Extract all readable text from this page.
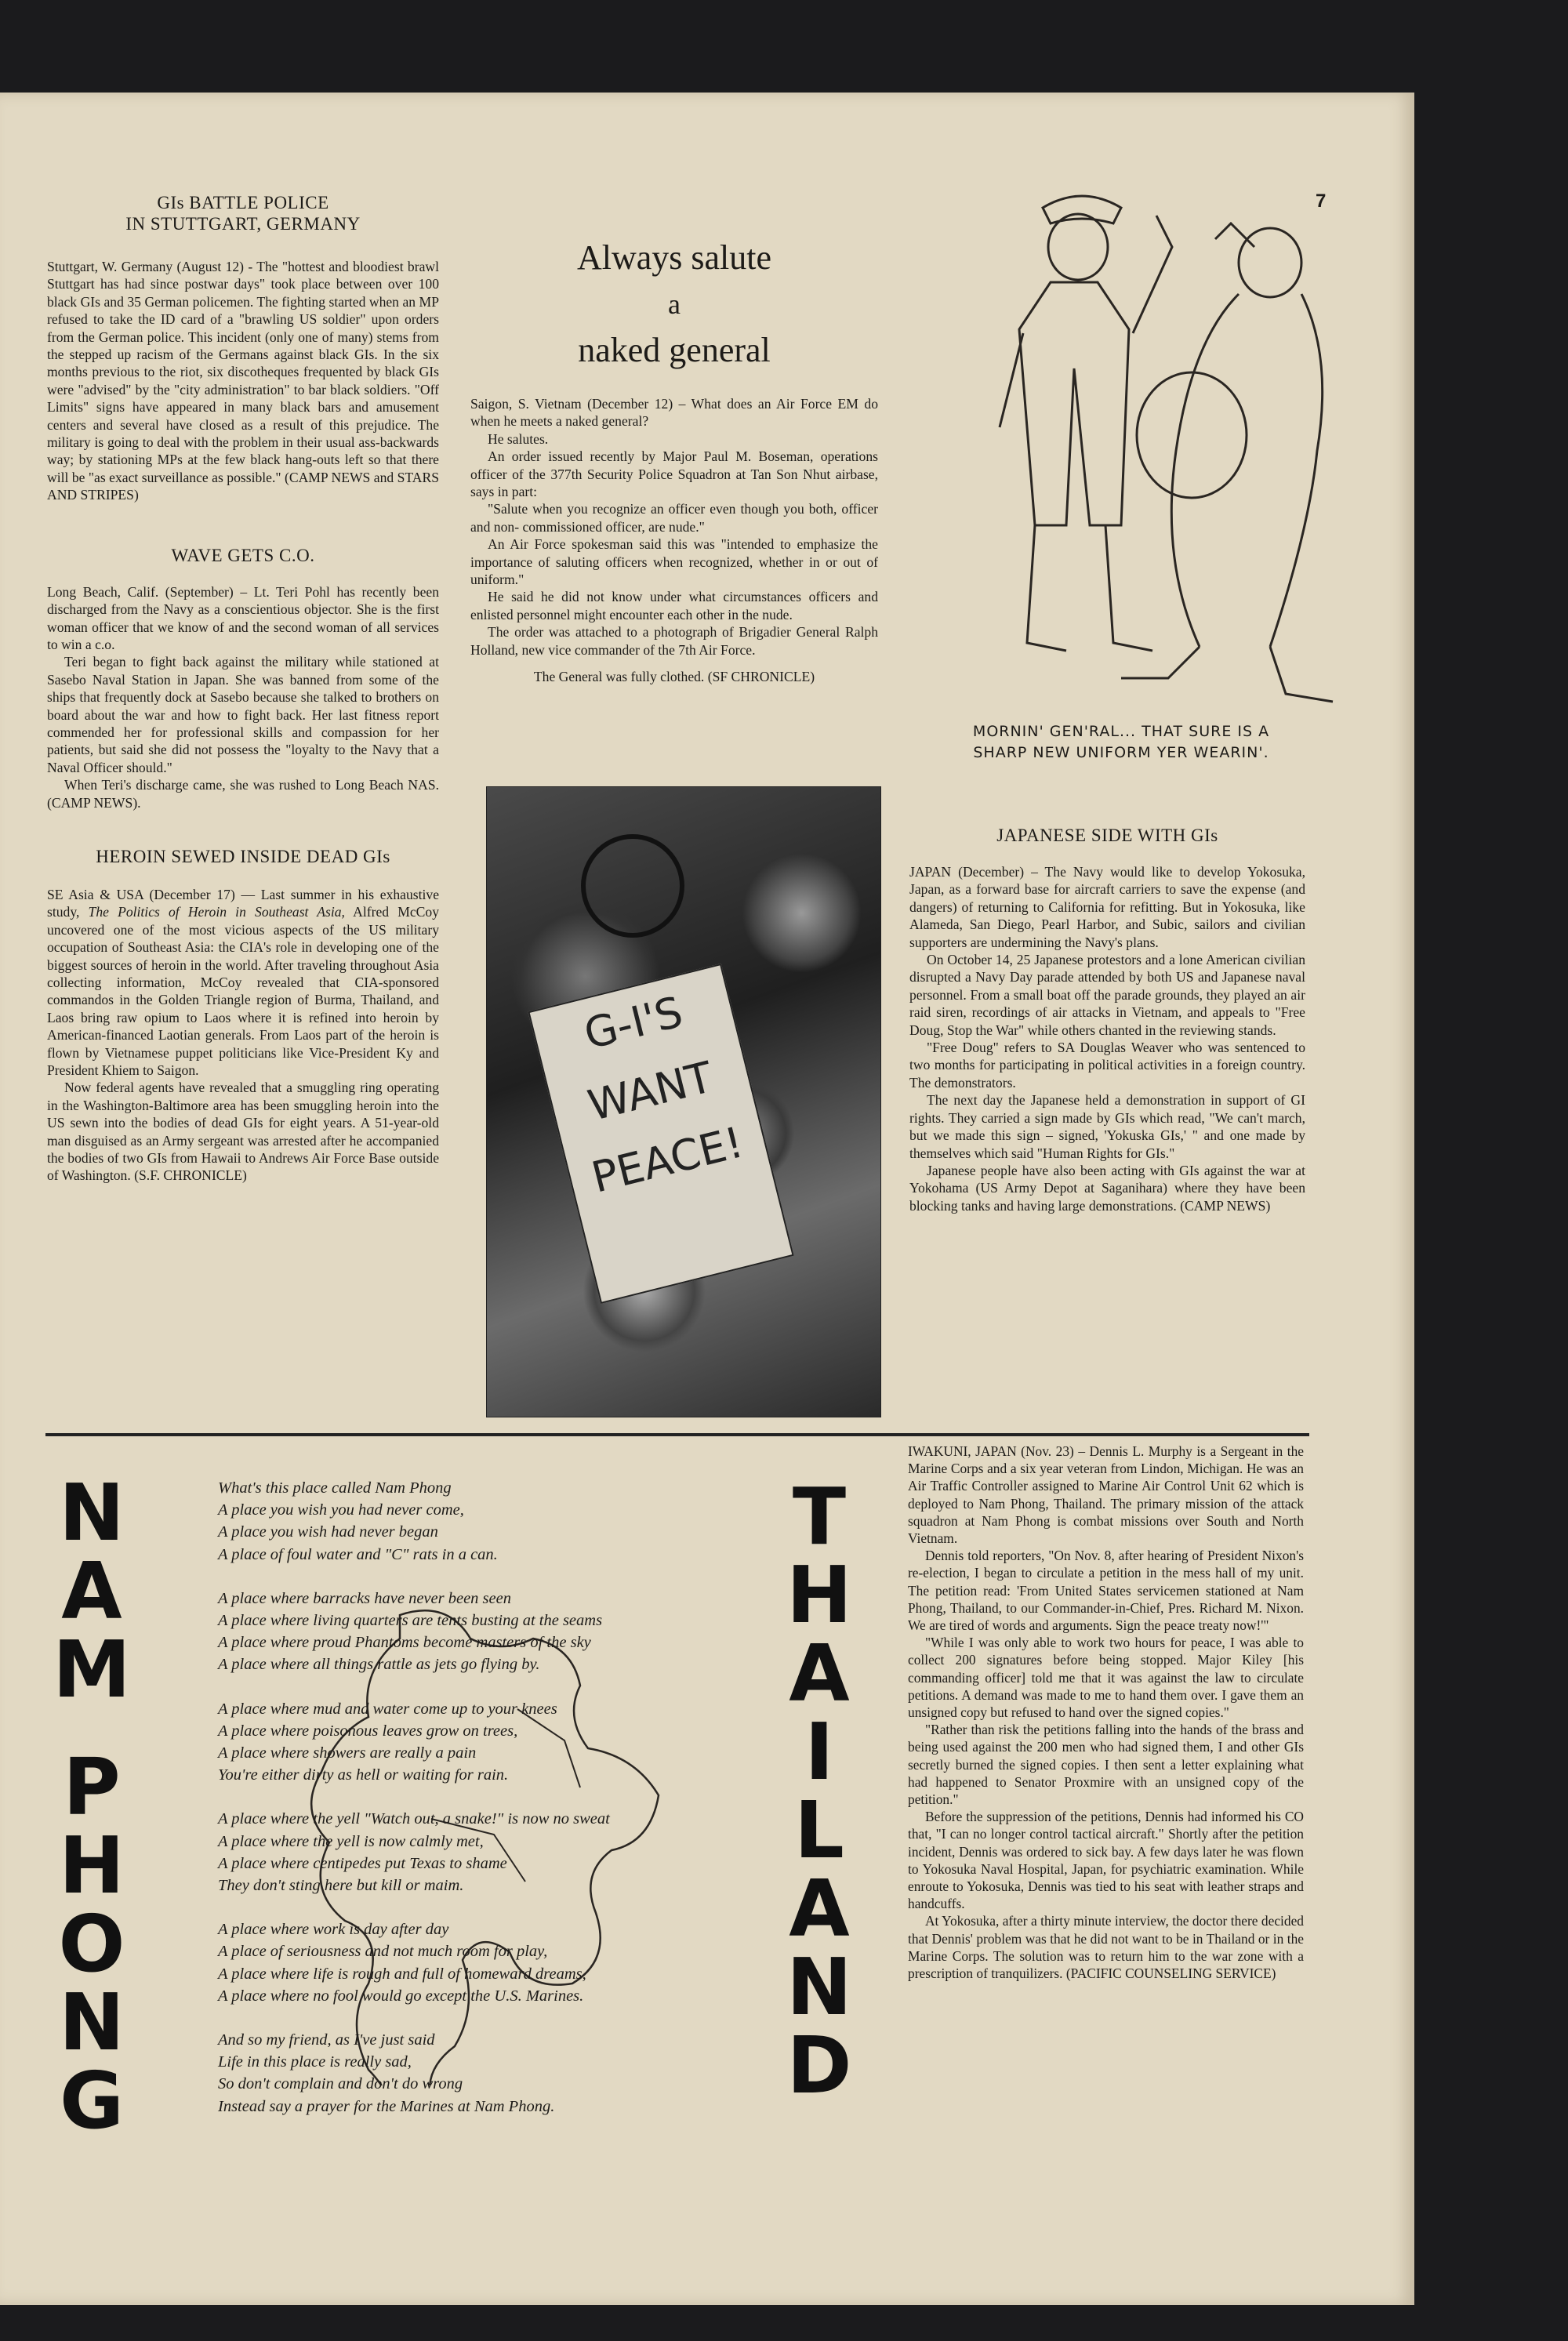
7
GIs BATTLE POLICE
IN STUTTGART, GERMANY

Stuttgart, W. Germany (August 12) - The "hottest and bloodiest brawl Stuttgart has had since postwar days" took place between over 100 black GIs and 35 German policemen. The fighting started when an MP refused to take the ID card of a "brawling US soldier" upon orders from the German police. This incident (only one of many) stems from the stepped up racism of the Germans against black GIs. In the six months previous to the riot, six discotheques frequented by black GIs were "advised" by the "city administration" to bar black soldiers. "Off Limits" signs have appeared in many black bars and amusement centers and several have closed as a result of this prejudice. The military is going to deal with the problem in their usual ass-backwards way; by stationing MPs at the few black hang-outs left so that there will be "as exact surveillance as possible." (CAMP NEWS and STARS AND STRIPES)

WAVE GETS C.O.

Long Beach, Calif. (September) – Lt. Teri Pohl has recently been discharged from the Navy as a conscientious objector. She is the first woman officer that we know of and the second woman of all services to win a c.o.

Teri began to fight back against the military while stationed at Sasebo Naval Station in Japan. She was banned from some of the ships that frequently dock at Sasebo because she talked to brothers on board about the war and how to fight back. Her last fitness report commended her for professional skills and compassion for her patients, but said she did not possess the "loyalty to the Navy that a Naval Officer should."

When Teri's discharge came, she was rushed to Long Beach NAS. (CAMP NEWS).

HEROIN SEWED INSIDE DEAD GIs

SE Asia & USA (December 17) — Last summer in his exhaustive study, The Politics of Heroin in Southeast Asia, Alfred McCoy uncovered one of the most vicious aspects of the US military occupation of Southeast Asia: the CIA's role in developing one of the biggest sources of heroin in the world. After traveling throughout Asia collecting information, McCoy revealed that CIA-sponsored commandos in the Golden Triangle region of Burma, Thailand, and Laos bring raw opium to Laos where it is refined into heroin by American-financed Laotian generals. From Laos part of the heroin is flown by Vietnamese puppet politicians like Vice-President Ky and President Khiem to Saigon.

Now federal agents have revealed that a smuggling ring operating in the Washington-Baltimore area has been smuggling heroin into the US sewn into the bodies of dead GIs for eight years. A 51-year-old man disguised as an Army sergeant was arrested after he accompanied the bodies of two GIs from Hawaii to Andrews Air Force Base outside of Washington. (S.F. CHRONICLE)

Always salute
a
naked general

Saigon, S. Vietnam (December 12) – What does an Air Force EM do when he meets a naked general?

He salutes.

An order issued recently by Major Paul M. Boseman, operations officer of the 377th Security Police Squadron at Tan Son Nhut airbase, says in part:

"Salute when you recognize an officer even though you both, officer and non- commissioned officer, are nude."

An Air Force spokesman said this was "intended to emphasize the importance of saluting officers when recognized, whether in or out of uniform."

He said he did not know under what circumstances officers and enlisted personnel might encounter each other in the nude.

The order was attached to a photograph of Brigadier General Ralph Holland, new vice commander of the 7th Air Force.

The General was fully clothed. (SF CHRONICLE)
G-I'S
WANT
PEACE!
MORNIN' GEN'RAL... THAT SURE IS A
SHARP NEW UNIFORM YER WEARIN'.
JAPANESE SIDE WITH GIs

JAPAN (December) – The Navy would like to develop Yokosuka, Japan, as a forward base for aircraft carriers to save the expense (and dangers) of returning to California for refitting. But in Yokosuka, like Alameda, San Diego, Pearl Harbor, and Subic, sailors and civilian supporters are undermining the Navy's plans.

On October 14, 25 Japanese protestors and a lone American civilian disrupted a Navy Day parade attended by both US and Japanese naval personnel. From a small boat off the parade grounds, they played an air raid siren, recordings of air attacks in Vietnam, and appeals to "Free Doug, Stop the War" while others chanted in the reviewing stands.

"Free Doug" refers to SA Douglas Weaver who was sentenced to two months for participating in political activities in a foreign country. The demonstrators.

The next day the Japanese held a demonstration in support of GI rights. They carried a sign made by GIs which read, "We can't march, but we made this sign – signed, 'Yokuska GIs,' " and one made by themselves which said "Human Rights for GIs."

Japanese people have also been acting with GIs against the war at Yokohama (US Army Depot at Saganihara) where they have been blocking tanks and having large demonstrations. (CAMP NEWS)

N
A
M
P
H
O
N
G
What's this place called Nam Phong
A place you wish you had never come,
A place you wish had never began
A place of foul water and "C" rats in a can.
A place where barracks have never been seen
A place where living quarters are tents busting at the seams
A place where proud Phantoms become masters of the sky
A place where all things rattle as jets go flying by.
A place where mud and water come up to your knees
A place where poisonous leaves grow on trees,
A place where showers are really a pain
You're either dirty as hell or waiting for rain.
A place where the yell "Watch out, a snake!" is now no sweat
A place where the yell is now calmly met,
A place where centipedes put Texas to shame
They don't sting here but kill or maim.
A place where work is day after day
A place of seriousness and not much room for play,
A place where life is rough and full of homeward dreams,
A place where no fool would go except the U.S. Marines.
And so my friend, as I've just said
Life in this place is really sad,
So don't complain and don't do wrong
Instead say a prayer for the Marines at Nam Phong.
T
H
A
I
L
A
N
D

IWAKUNI, JAPAN (Nov. 23) – Dennis L. Murphy is a Sergeant in the Marine Corps and a six year veteran from Lindon, Michigan. He was an Air Traffic Controller assigned to Marine Air Control Unit 62 which is deployed to Nam Phong, Thailand. The primary mission of the attack squadron at Nam Phong is combat missions over South and North Vietnam.

Dennis told reporters, "On Nov. 8, after hearing of President Nixon's re-election, I began to circulate a petition in the mess hall of my unit. The petition read: 'From United States servicemen stationed at Nam Phong, Thailand, to our Commander-in-Chief, Pres. Richard M. Nixon. We are tired of words and arguments. Sign the peace treaty now!'"

"While I was only able to work two hours for peace, I was able to collect 200 signatures before being stopped. Major Kiley [his commanding officer] told me that it was against the law to circulate petitions. A demand was made to me to hand them over. I gave them an unsigned copy but refused to hand over the signed copies."

"Rather than risk the petitions falling into the hands of the brass and being used against the 200 men who had signed them, I and other GIs secretly burned the signed copies. I then sent a letter explaining what had happened to Senator Proxmire with an unsigned copy of the petition."

Before the suppression of the petitions, Dennis had informed his CO that, "I can no longer control tactical aircraft." Shortly after the petition incident, Dennis was ordered to sick bay. A few days later he was flown to Yokosuka Naval Hospital, Japan, for psychiatric examination. While enroute to Yokosuka, Dennis was tied to his seat with leather straps and handcuffs.

At Yokosuka, after a thirty minute interview, the doctor there decided that Dennis' problem was that he did not want to be in Thailand or in the Marine Corps. The solution was to return him to the war zone with a prescription of tranquilizers. (PACIFIC COUNSELING SERVICE)
